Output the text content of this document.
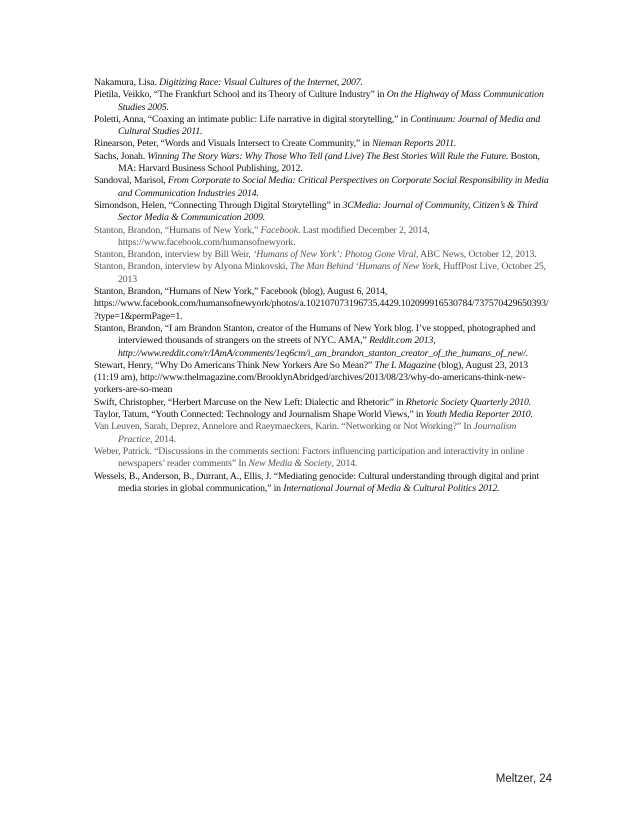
Nakamura, Lisa. Digitizing Race: Visual Cultures of the Internet, 2007.

Pietila, Veikko, “The Frankfurt School and its Theory of Culture Industry” in On the Highway of Mass Communication Studies 2005.

Poletti, Anna, “Coaxing an intimate public: Life narrative in digital storytelling,” in Continuum: Journal of Media and Cultural Studies 2011.

Rinearson, Peter, “Words and Visuals Intersect to Create Community,” in Nieman Reports 2011.

Sachs, Jonah. Winning The Story Wars: Why Those Who Tell (and Live) The Best Stories Will Rule the Future. Boston, MA: Harvard Business School Publishing, 2012.

Sandoval, Marisol, From Corporate to Social Media: Critical Perspectives on Corporate Social Responsibility in Media and Communication Industries 2014.

Simondson, Helen, “Connecting Through Digital Storytelling” in 3CMedia: Journal of Community, Citizen’s & Third Sector Media & Communication 2009.

Stanton, Brandon, “Humans of New York,” Facebook. Last modified December 2, 2014, https://www.facebook.com/humansofnewyork.

Stanton, Brandon, interview by Bill Weir, ‘Humans of New York’: Photog Gone Viral, ABC News, October 12, 2013.

Stanton, Brandon, interview by Alyona Minkovski, The Man Behind ‘Humans of New York, HuffPost Live, October 25, 2013

Stanton, Brandon, “Humans of New York,” Facebook (blog), August 6, 2014, https://www.facebook.com/humansofnewyork/photos/a.102107073196735.4429.102099916530784/737570429650393/?type=1&permPage=1.

Stanton, Brandon, “I am Brandon Stanton, creator of the Humans of New York blog. I’ve stopped, photographed and interviewed thousands of strangers on the streets of NYC. AMA,” Reddit.com 2013, http://www.reddit.com/r/IAmA/comments/1eq6cm/i_am_brandon_stanton_creator_of_the_humans_of_new/.

Stewart, Henry, “Why Do Americans Think New Yorkers Are So Mean?” The L Magazine (blog), August 23, 2013 (11:19 am), http://www.thelmagazine.com/BrooklynAbridged/archives/2013/08/23/why-do-americans-think-new-yorkers-are-so-mean

Swift, Christopher, “Herbert Marcuse on the New Left: Dialectic and Rhetoric” in Rhetoric Society Quarterly 2010.

Taylor, Tatum, “Youth Connected: Technology and Journalism Shape World Views,” in Youth Media Reporter 2010.

Van Leuven, Sarah, Deprez, Annelore and Raeymaeckers, Karin. “Networking or Not Working?” In Journalism Practice, 2014.

Weber, Patrick. “Discussions in the comments section: Factors influencing participation and interactivity in online newspapers’ reader comments” In New Media & Society, 2014.

Wessels, B., Anderson, B., Durrant, A., Ellis, J. “Mediating genocide: Cultural understanding through digital and print media stories in global communication,” in International Journal of Media & Cultural Politics 2012.

Meltzer, 24
